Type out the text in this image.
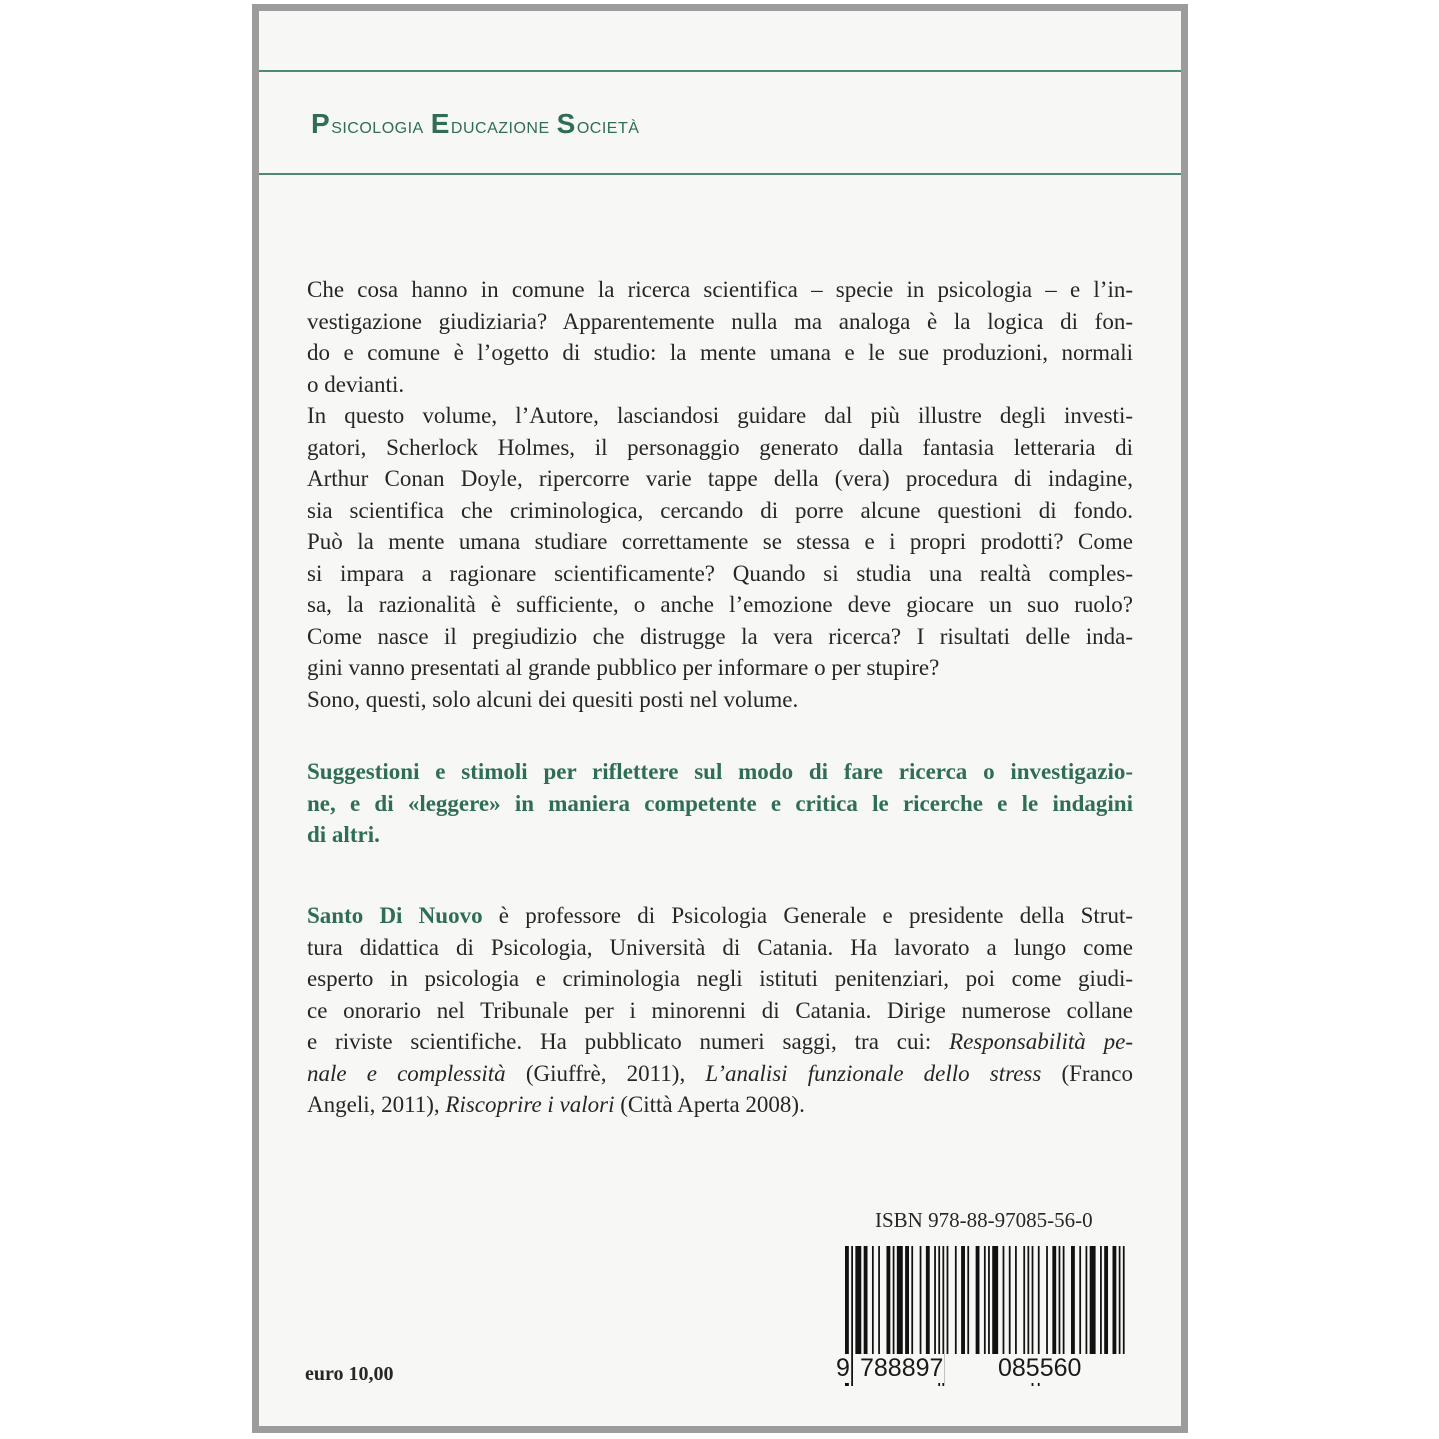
P SICOLOGIA E DUCAZIONE S OCIETÀ

Che cosa hanno in comune la ricerca scientifica – specie in psicologia – e l’in-

vestigazione giudiziaria? Apparentemente nulla ma analoga è la logica di fon-

do e comune è l’ogetto di studio: la mente umana e le sue produzioni, normali

o devianti.

In questo volume, l’Autore, lasciandosi guidare dal più illustre degli investi-

gatori, Scherlock Holmes, il personaggio generato dalla fantasia letteraria di

Arthur Conan Doyle, ripercorre varie tappe della (vera) procedura di indagine,

sia scientifica che criminologica, cercando di porre alcune questioni di fondo.

Può la mente umana studiare correttamente se stessa e i propri prodotti? Come

si impara a ragionare scientificamente? Quando si studia una realtà comples-

sa, la razionalità è sufficiente, o anche l’emozione deve giocare un suo ruolo?

Come nasce il pregiudizio che distrugge la vera ricerca? I risultati delle inda-

gini vanno presentati al grande pubblico per informare o per stupire?

Sono, questi, solo alcuni dei quesiti posti nel volume.

Suggestioni e stimoli per riflettere sul modo di fare ricerca o investigazio-

ne, e di «leggere» in maniera competente e critica le ricerche e le indagini

di altri.

Santo Di Nuovo è professore di Psicologia Generale e presidente della Strut-

tura didattica di Psicologia, Università di Catania. Ha lavorato a lungo come

esperto in psicologia e criminologia negli istituti penitenziari, poi come giudi-

ce onorario nel Tribunale per i minorenni di Catania. Dirige numerose collane

e riviste scientifiche. Ha pubblicato numeri saggi, tra cui: Responsabilità pe-

nale e complessità (Giuffrè, 2011), L’analisi funzionale dello stress (Franco

Angeli, 2011), Riscoprire i valori (Città Aperta 2008).

ISBN 978-88-97085-56-0
9 788897 085560
euro 10,00
